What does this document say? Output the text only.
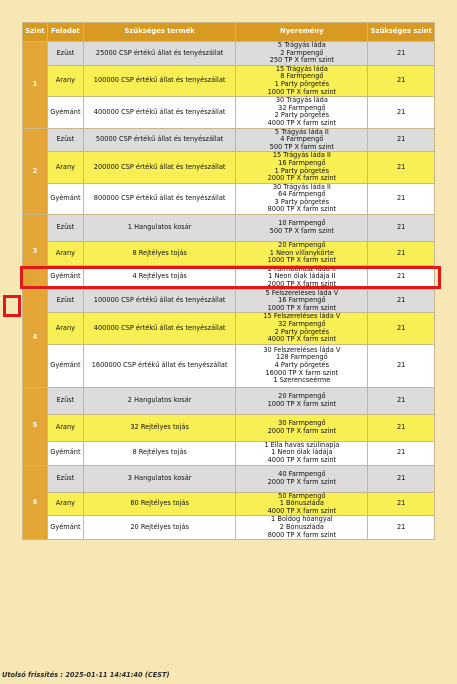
Szint	Feladat	Szükséges termék	Nyeremény	Szükséges szint
1	Ezüst	25000 CSP értékű állat és tenyészállat	5 Trágyás láda
2 Farmpengő
250 TP X farm szint	21
	Arany	100000 CSP értékű állat és tenyészállat	15 Trágyás láda
8 Farmpengő
1 Party pörgetés
1000 TP X farm szint	21
	Gyémánt	400000 CSP értékű állat és tenyészállat	30 Trágyás láda
32 Farmpengő
2 Party pörgetés
4000 TP X farm szint	21
2	Ezüst	50000 CSP értékű állat és tenyészállat	5 Trágyás láda II
4 Farmpengő
500 TP X farm szint	21
	Arany	200000 CSP értékű állat és tenyészállat	15 Trágyás láda II
16 Farmpengő
1 Party pörgetés
2000 TP X farm szint	21
	Gyémánt	800000 CSP értékű állat és tenyészállat	30 Trágyás láda II
64 Farmpengő
3 Party pörgetés
8000 TP X farm szint	21
3	Ezüst	1 Hangulatos kosár	10 Farmpengő
500 TP X farm szint	21
	Arany	8 Rejtélyes tojás	20 Farmpengő
1 Neon villanykörte
1000 TP X farm szint	21
	Gyémánt	4 Rejtélyes tojás	2 Farmbónusz láda II
1 Neon ólak ládája II
2000 TP X farm szint	21
4	Ezüst	100000 CSP értékű állat és tenyészállat	5 Felszereléses láda V
16 Farmpengő
1000 TP X farm szint	21
	Arany	400000 CSP értékű állat és tenyészállat	15 Felszereléses láda V
32 Farmpengő
2 Party pörgetés
4000 TP X farm szint	21
	Gyémánt	1600000 CSP értékű állat és tenyészállat	30 Felszereléses láda V
128 Farmpengő
4 Party pörgetés
16000 TP X farm szint
1 Szerencseérme	21
5	Ezüst	2 Hangulatos kosár	20 Farmpengő
1000 TP X farm szint	21
	Arany	32 Rejtélyes tojás	30 Farmpengő
2000 TP X farm szint	21
	Gyémánt	8 Rejtélyes tojás	1 Ella havas szülinapja
1 Neon ólak ládája
4000 TP X farm szint	21
6	Ezüst	3 Hangulatos kosár	40 Farmpengő
2000 TP X farm szint	21
	Arany	60 Rejtélyes tojás	50 Farmpengő
1 Bónuszláda
4000 TP X farm szint	21
	Gyémánt	20 Rejtélyes tojás	1 Boldog hóangyal
2 Bónuszláda
8000 TP X farm szint	21
Utolsó frissítés : 2025-01-11 14:41:40 (CEST)
